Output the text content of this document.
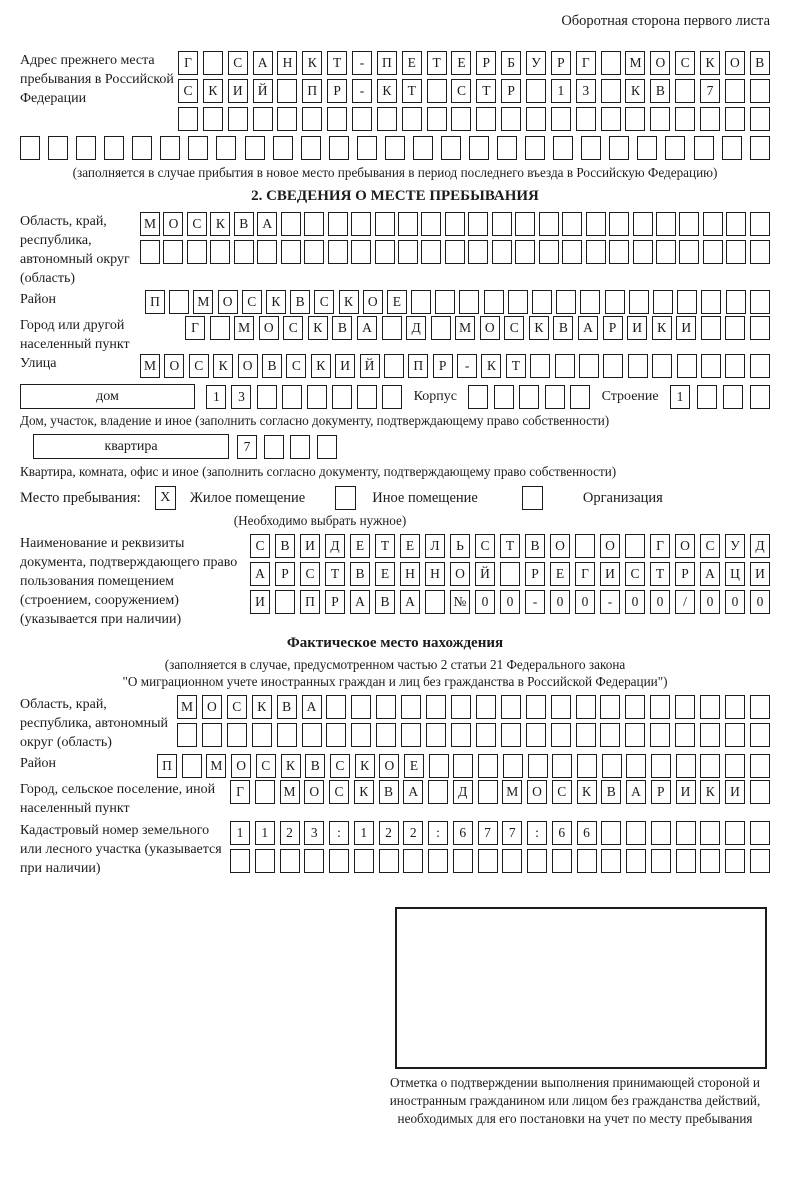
Оборотная сторона первого листа
Адрес прежнего места пребывания в Российской Федерации
Г	С	А	Н	К	Т	-	П	Е	Т	Е	Р	Б	У	Р	Г	М	О	С	К	О	В
С	К	И	Й	П	Р	-	К	Т	С	Т	Р	1	3	К	В	7
(заполняется в случае прибытия в новое место пребывания в период последнего въезда в Российскую Федерацию)
2. СВЕДЕНИЯ О МЕСТЕ ПРЕБЫВАНИЯ
Область, край, республика, автономный округ (область)
М О	С	К	В	А
Район	П	М О	С	К	В	С	К	О	Е
Город или другой населенный пункт
Г	М	О	С	К	В	А	Д	М	О	С	К	В	А	Р	И	К	И
Улица	М	О	С	К	О	В	С	К	И	Й	П	Р	-	К	Т
дом	1	3	Корпус	Строение	1
Дом, участок, владение и иное (заполнить согласно документу, подтверждающему право собственности)
квартира	7
Квартира, комната, офис и иное (заполнить согласно документу, подтверждающему право собственности)
Место пребывания:	X	Жилое помещение	Иное помещение	Организация
(Необходимо выбрать нужное)
Наименование и реквизиты документа, подтверждающего право пользования помещением (строением, сооружением) (указывается при наличии)
С	В	И	Д	Е	Т	Е	Л	Ь	С	Т	В	О	О	Г	О	С	У	Д
А	Р	С	Т	В	Е	Н	Н	О	Й	Р	Е	Г	И	С	Т	Р	А	Ц	И
И	П	Р	А	В	А	№	0	0	-	0	0	-	0	0	/	0	0	0
Фактическое место нахождения
(заполняется в случае, предусмотренном частью 2 статьи 21 Федерального закона
"О миграционном учете иностранных граждан и лиц без гражданства в Российской Федерации")
Область, край, республика, автономный округ (область)
М	О	С	К	В	А
Район	П	М	О	С	К	В	С	К	О	Е
Город, сельское поселение, иной населенный пункт
Г	М	О	С	К	В	А	Д	М	О	С	К	В	А	Р	И	К	И
Кадастровый номер земельного или лесного участка (указывается при наличии)
1	1	2	3	:	1	2	2	:	6	7	7	:	6	6
Отметка о подтверждении выполнения принимающей стороной и иностранным гражданином или лицом без гражданства действий, необходимых для его постановки на учет по месту пребывания
